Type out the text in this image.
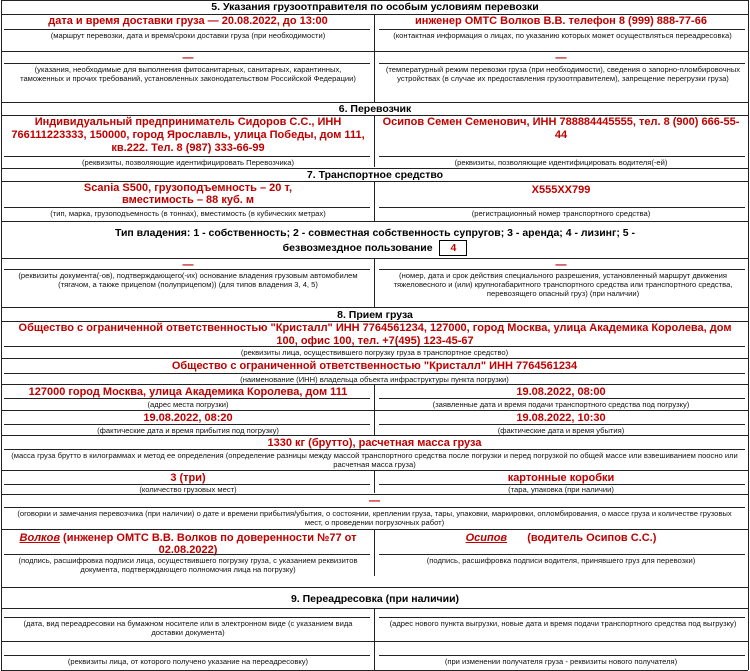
5. Указания грузоотправителя по особым условиям перевозки
дата и время доставки груза — 20.08.2022, до 13:00
(маршрут перевозки, дата и время/сроки доставки груза (при необходимости)
инженер ОМТС Волков В.В. телефон 8 (999) 888-77-66
(контактная информация о лицах, по указанию которых может осуществляться переадресовка)
—
(указания, необходимые для выполнения фитосанитарных, санитарных, карантинных, таможенных и прочих требований, установленных законодательством Российской Федерации)
—
(температурный режим перевозки груза (при необходимости), сведения о запорно-пломбировочных устройствах (в случае их предоставления грузоотправителем), запрещение перегрузки груза)
6. Перевозчик
Индивидуальный предприниматель Сидоров С.С., ИНН 766111223333, 150000, город Ярославль, улица Победы, дом 111, кв.222. Тел. 8 (987) 333-66-99
(реквизиты, позволяющие идентифицировать Перевозчика)
Осипов Семен Семенович, ИНН 788884445555, тел. 8 (900) 666-55-44
(реквизиты, позволяющие идентифицировать водителя(-ей)
7. Транспортное средство
Scania S500, грузоподъемность – 20 т, вместимость – 88 куб. м
(тип, марка, грузоподъемность (в тоннах), вместимость (в кубических метрах)
Х555ХХ799
(регистрационный номер транспортного средства)
Тип владения: 1 - собственность; 2 - совместная собственность супругов; 3 - аренда; 4 - лизинг; 5 - безвозмездное пользование 4
—
(реквизиты документа(-ов), подтверждающего(-их) основание владения грузовым автомобилем (тягачом, а также прицепом (полуприцепом)) (для типов владения 3, 4, 5)
—
(номер, дата и срок действия специального разрешения, установленный маршрут движения тяжеловесного и (или) крупногабаритного транспортного средства или транспортного средства, перевозящего опасный груз) (при наличии)
8. Прием груза
Общество с ограниченной ответственностью "Кристалл" ИНН 7764561234, 127000, город Москва, улица Академика Королева, дом 100, офис 100, тел. +7(495) 123-45-67
(реквизиты лица, осуществившего погрузку груза в транспортное средство)
Общество с ограниченной ответственностью "Кристалл" ИНН 7764561234
(наименование (ИНН) владельца объекта инфраструктуры пункта погрузки)
127000 город Москва, улица Академика Королева, дом 111
(адрес места погрузки)
19.08.2022, 08:00
(заявленные дата и время подачи транспортного средства под погрузку)
19.08.2022, 08:20
(фактические дата и время прибытия под погрузку)
19.08.2022, 10:30
(фактические дата и время убытия)
1330 кг (брутто), расчетная масса груза
(масса груза брутто в килограммах и метод ее определения (определение разницы между массой транспортного средства после погрузки и перед погрузкой по общей массе или взвешиванием поосно или расчетная масса груза)
3 (три)
(количество грузовых мест)
картонные коробки
(тара, упаковка (при наличии)
—
(оговорки и замечания перевозчика (при наличии) о дате и времени прибытия/убытия, о состоянии, креплении груза, тары, упаковки, маркировки, опломбирования, о массе груза и количестве грузовых мест, о проведении погрузочных работ)
Волков (инженер ОМТС В.В. Волков по доверенности №77 от 02.08.2022)
(подпись, расшифровка подписи лица, осуществившего погрузку груза, с указанием реквизитов документа, подтверждающего полномочия лица на погрузку)
Осипов (водитель Осипов С.С.)
(подпись, расшифровка подписи водителя, принявшего груз для перевозки)
9. Переадресовка (при наличии)
(дата, вид переадресовки на бумажном носителе или в электронном виде (с указанием вида доставки документа)
(адрес нового пункта выгрузки, новые дата и время подачи транспортного средства под выгрузку)
(реквизиты лица, от которого получено указание на переадресовку)	(при изменении получателя груза - реквизиты нового получателя)
